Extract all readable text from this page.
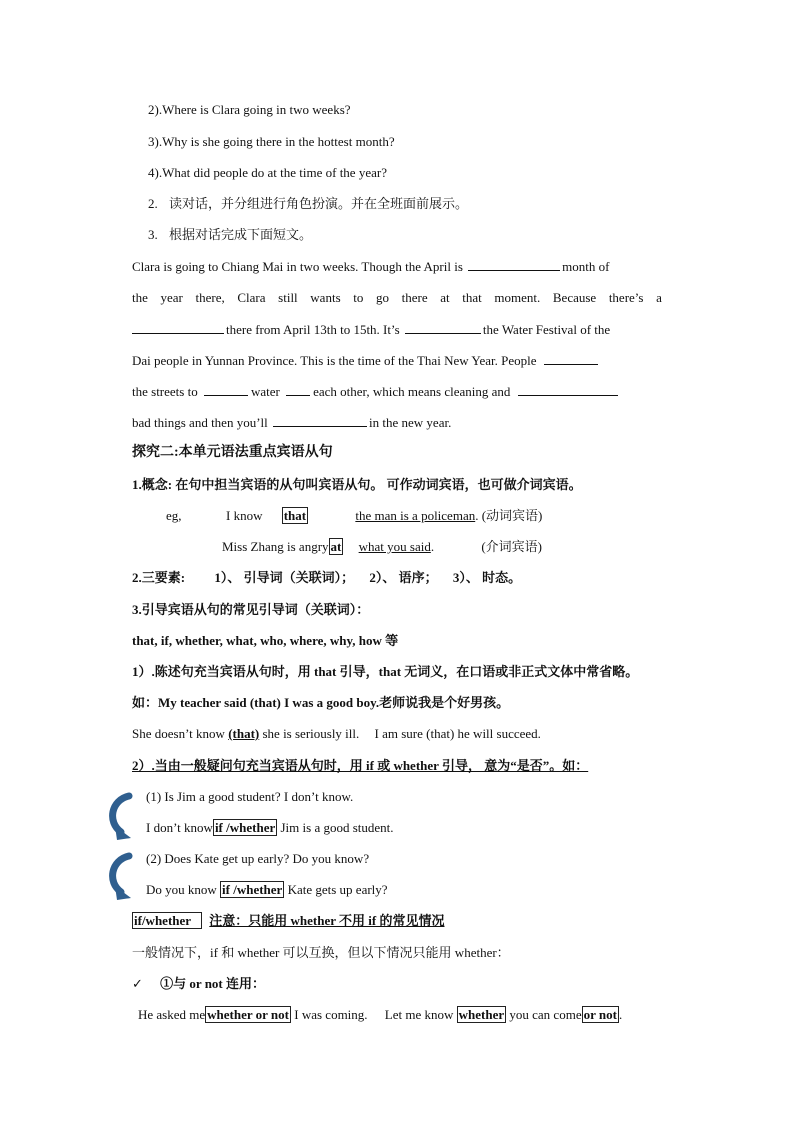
2).Where is Clara going in two weeks?
3).Why is she going there in the hottest month?
4).What did people do at the time of the year?
2. 读对话，并分组进行角色扮演。并在全班面前展示。
3. 根据对话完成下面短文。
Clara is going to Chiang Mai in two weeks. Though the April is	month of
the year there, Clara still wants to go there at that moment. Because there’s a
there from April 13th to 15th. It’s	the Water Festival of the
Dai people in Yunnan Province. This is the time of the Thai New Year. People
the streets to	water	each other, which means cleaning and
bad things and then you’ll	in the new year.
探究二:本单元语法重点宾语从句
1.概念: 在句中担当宾语的从句叫宾语从句。 可作动词宾语，也可做介词宾语。
eg,	I know that	the man is a policeman. (动词宾语)
Miss Zhang is angry at what you said.	(介词宾语)
2.三要素: 1）、 引导词（关联词）； 2）、 语序； 3）、 时态。
3.引导宾语从句的常见引导词（关联词）：
that, if, whether, what, who, where, why, how 等
1）.陈述句充当宾语从句时，用 that 引导，that 无词义，在口语或非正式文体中常省略。
如：My teacher said (that) I was a good boy.老师说我是个好男孩。
She doesn’t know (that) she is seriously ill. I am sure (that) he will succeed.
2）.当由一般疑问句充当宾语从句时，用 if 或 whether 引导， 意为“是否”。如：
(1) Is Jim a good student? I don’t know.
I don’t know if /whether Jim is a good student.
(2) Does Kate get up early? Do you know?
Do you know if /whether Kate gets up early?
if/whether 注意：只能用 whether 不用 if 的常见情况
一般情况下，if 和 whether 可以互换，但以下情况只能用 whether：
✓ ①与 or not 连用：
He asked me whether or not I was coming. Let me know whether you can come or not .
